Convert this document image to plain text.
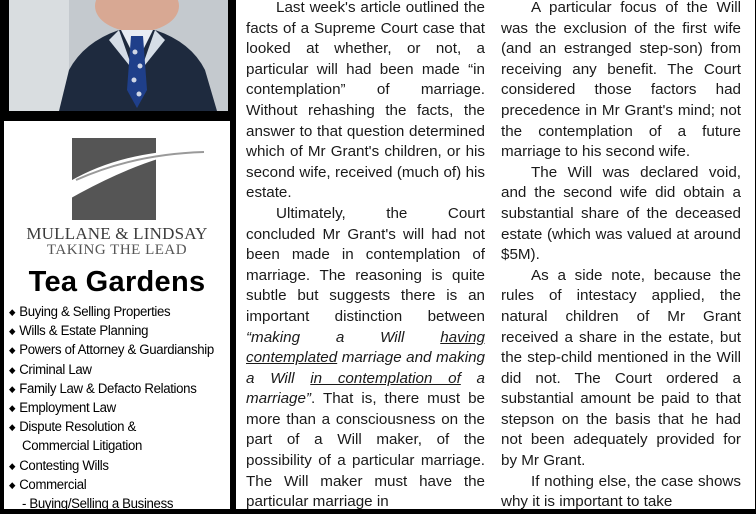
MULLANE & LINDSAY
TAKING THE LEAD
Tea Gardens
◆ Buying & Selling Properties
◆ Wills & Estate Planning
◆ Powers of Attorney & Guardianship
◆ Criminal Law
◆ Family Law & Defacto Relations
◆ Employment Law
◆ Dispute Resolution &
Commercial Litigation
◆ Contesting Wills
◆ Commercial
- Buying/Selling a Business

Last week's article outlined the facts of a Supreme Court case that looked at whether, or not, a particular will had been made “in contemplation” of marriage. Without rehashing the facts, the answer to that question determined which of Mr Grant's children, or his second wife, received (much of) his estate.

Ultimately, the Court concluded Mr Grant's will had not been made in contemplation of marriage. The reasoning is quite subtle but suggests there is an important distinction between “making a Will having contemplated marriage and making a Will in contemplation of a marriage”. That is, there must be more than a consciousness on the part of a Will maker, of the possibility of a particular marriage. The Will maker must have the particular marriage in

A particular focus of the Will was the exclusion of the first wife (and an estranged step-son) from receiving any benefit. The Court considered those factors had precedence in Mr Grant's mind; not the contemplation of a future marriage to his second wife.

The Will was declared void, and the second wife did obtain a substantial share of the deceased estate (which was valued at around $5M).

As a side note, because the rules of intestacy applied, the natural children of Mr Grant received a share in the estate, but the step-child mentioned in the Will did not. The Court ordered a substantial amount be paid to that stepson on the basis that he had not been adequately provided for by Mr Grant.

If nothing else, the case shows why it is important to take
